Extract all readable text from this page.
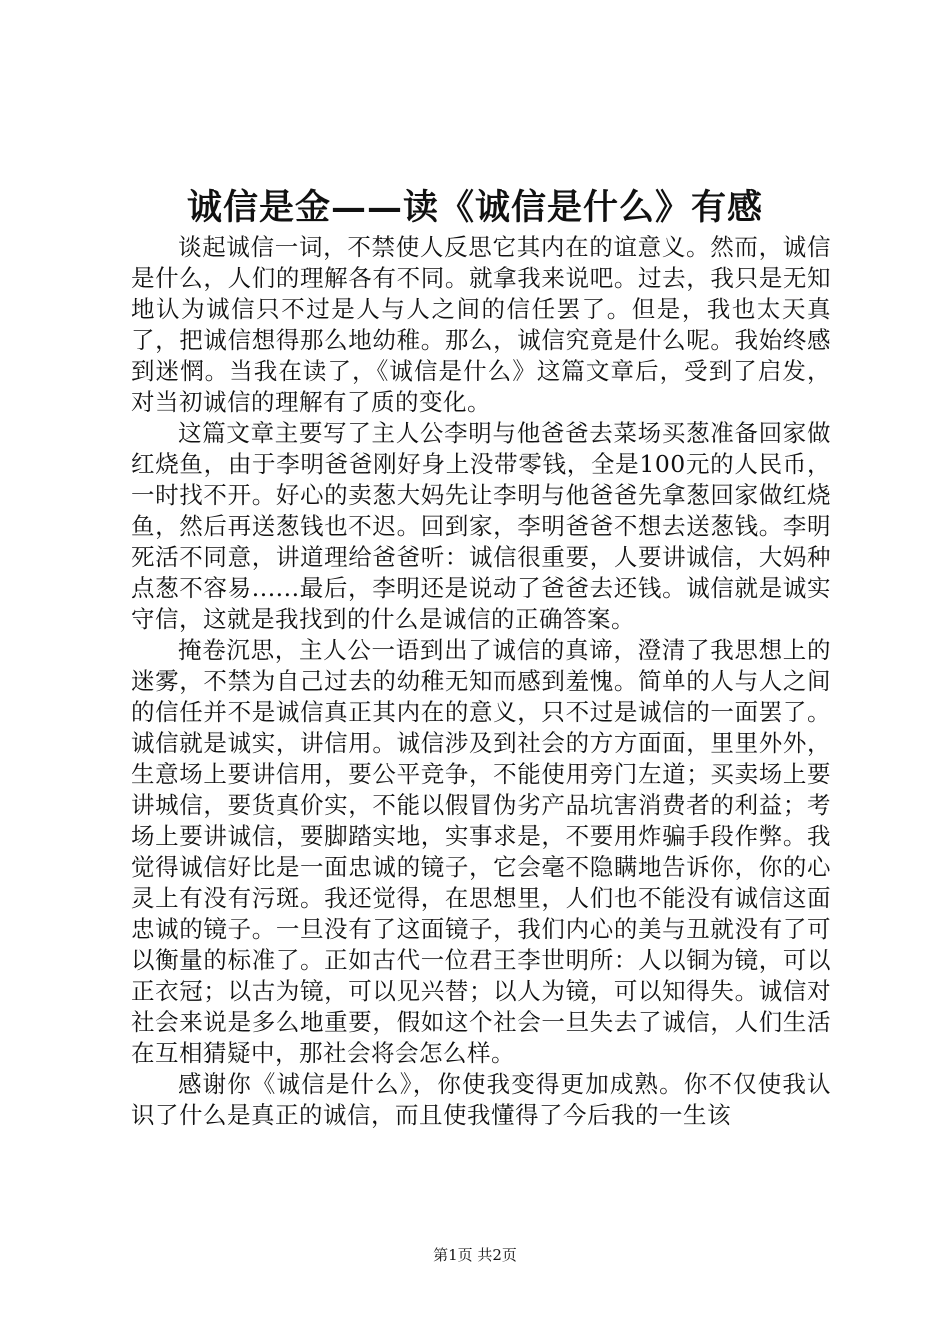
诚信是金——读《诚信是什么》有感

谈起诚信一词，不禁使人反思它其内在的谊意义。然而，诚信是什么，人们的理解各有不同。就拿我来说吧。过去，我只是无知地认为诚信只不过是人与人之间的信任罢了。但是，我也太天真了，把诚信想得那么地幼稚。那么，诚信究竟是什么呢。我始终感到迷惘。当我在读了，《诚信是什么》这篇文章后，受到了启发，对当初诚信的理解有了质的变化。

这篇文章主要写了主人公李明与他爸爸去菜场买葱准备回家做红烧鱼，由于李明爸爸刚好身上没带零钱，全是100元的人民币，一时找不开。好心的卖葱大妈先让李明与他爸爸先拿葱回家做红烧鱼，然后再送葱钱也不迟。回到家，李明爸爸不想去送葱钱。李明死活不同意，讲道理给爸爸听：诚信很重要，人要讲诚信，大妈种点葱不容易......最后，李明还是说动了爸爸去还钱。诚信就是诚实守信，这就是我找到的什么是诚信的正确答案。

掩卷沉思，主人公一语到出了诚信的真谛，澄清了我思想上的迷雾，不禁为自己过去的幼稚无知而感到羞愧。简单的人与人之间的信任并不是诚信真正其内在的意义，只不过是诚信的一面罢了。诚信就是诚实，讲信用。诚信涉及到社会的方方面面，里里外外，生意场上要讲信用，要公平竞争，不能使用旁门左道；买卖场上要讲城信，要货真价实，不能以假冒伪劣产品坑害消费者的利益；考场上要讲诚信，要脚踏实地，实事求是，不要用炸骗手段作弊。我觉得诚信好比是一面忠诚的镜子，它会毫不隐瞒地告诉你，你的心灵上有没有污斑。我还觉得，在思想里，人们也不能没有诚信这面忠诚的镜子。一旦没有了这面镜子，我们内心的美与丑就没有了可以衡量的标准了。正如古代一位君王李世明所：人以铜为镜，可以正衣冠；以古为镜，可以见兴替；以人为镜，可以知得失。诚信对社会来说是多么地重要，假如这个社会一旦失去了诚信，人们生活在互相猜疑中，那社会将会怎么样。

感谢你《诚信是什么》，你使我变得更加成熟。你不仅使我认识了什么是真正的诚信，而且使我懂得了今后我的一生该

第1页 共2页
